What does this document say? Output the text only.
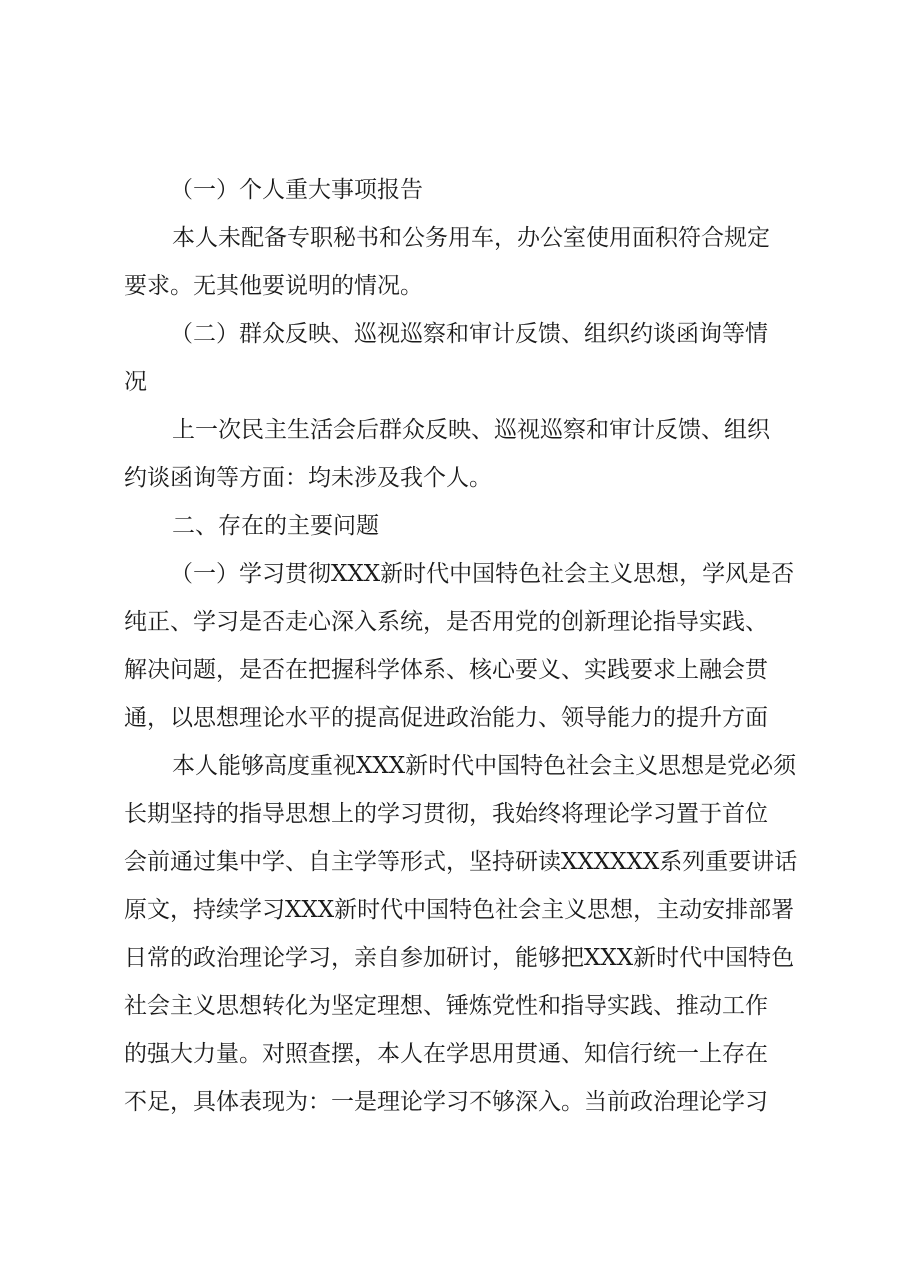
（一）个人重大事项报告
本人未配备专职秘书和公务用车，办公室使用面积符合规定
要求。无其他要说明的情况。
（二）群众反映、巡视巡察和审计反馈、组织约谈函询等情
况
上一次民主生活会后群众反映、巡视巡察和审计反馈、组织
约谈函询等方面：均未涉及我个人。
二、存在的主要问题
（一）学习贯彻XXX新时代中国特色社会主义思想，学风是否
纯正、学习是否走心深入系统，是否用党的创新理论指导实践、
解决问题，是否在把握科学体系、核心要义、实践要求上融会贯
通，以思想理论水平的提高促进政治能力、领导能力的提升方面
本人能够高度重视XXX新时代中国特色社会主义思想是党必须
长期坚持的指导思想上的学习贯彻，我始终将理论学习置于首位
会前通过集中学、自主学等形式，坚持研读XXXXXX系列重要讲话
原文，持续学习XXX新时代中国特色社会主义思想，主动安排部署
日常的政治理论学习，亲自参加研讨，能够把XXX新时代中国特色
社会主义思想转化为坚定理想、锤炼党性和指导实践、推动工作
的强大力量。对照查摆，本人在学思用贯通、知信行统一上存在
不足，具体表现为：一是理论学习不够深入。当前政治理论学习
